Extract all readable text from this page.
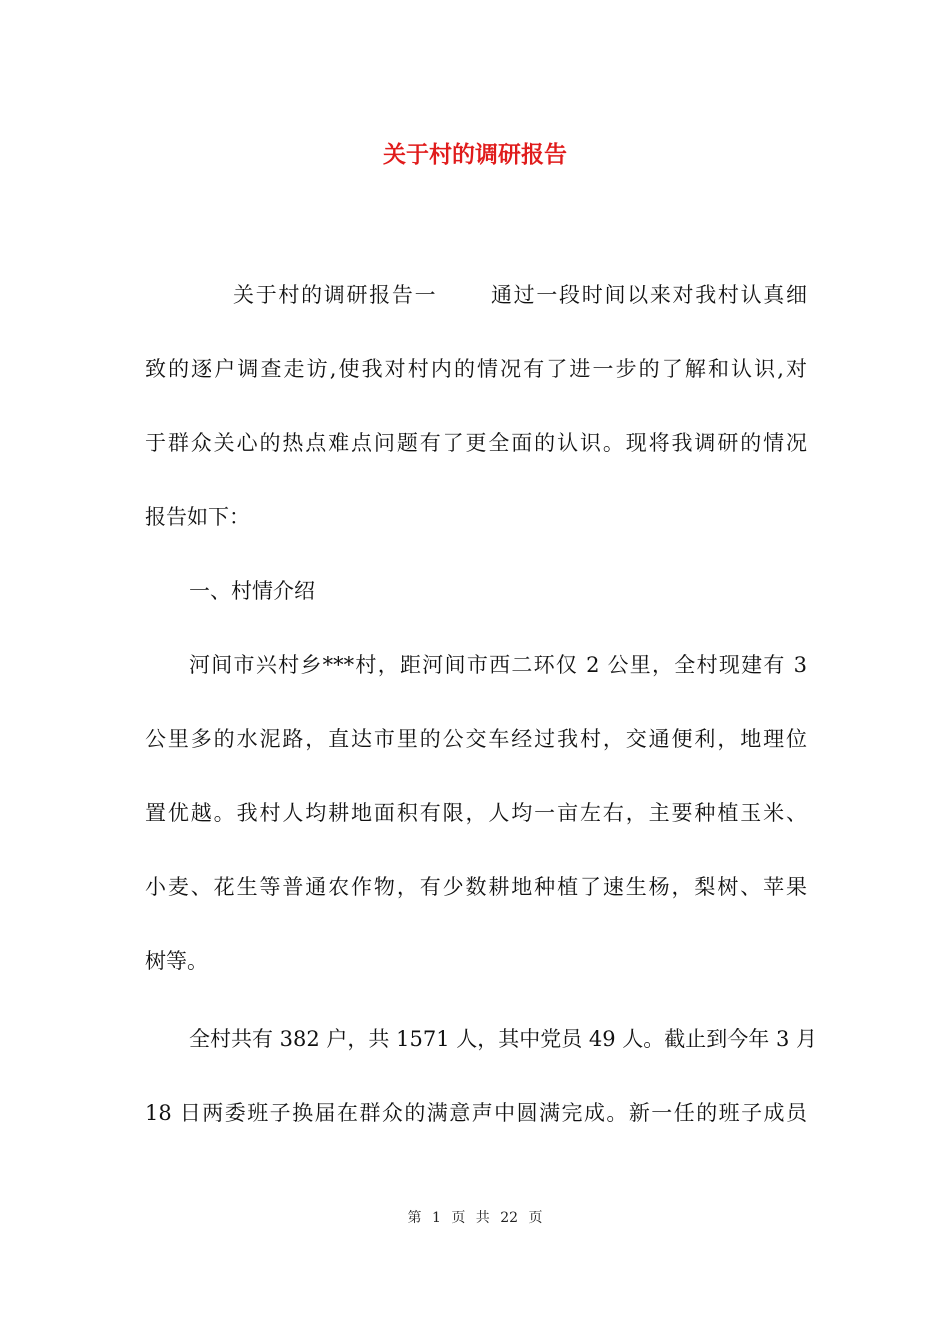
关于村的调研报告
关于村的调研报告一 通过一段时间以来对我村认真细
致的逐户调查走访,使我对村内的情况有了进一步的了解和认识,对
于群众关心的热点难点问题有了更全面的认识。现将我调研的情况
报告如下：
一、村情介绍
河间市兴村乡***村，距河间市西二环仅 2 公里，全村现建有 3
公里多的水泥路，直达市里的公交车经过我村，交通便利，地理位
置优越。我村人均耕地面积有限，人均一亩左右，主要种植玉米、
小麦、花生等普通农作物，有少数耕地种植了速生杨，梨树、苹果
树等。
全村共有 382 户，共 1571 人，其中党员 49 人。截止到今年 3 月
18 日两委班子换届在群众的满意声中圆满完成。新一任的班子成员
第 1 页 共 22 页
